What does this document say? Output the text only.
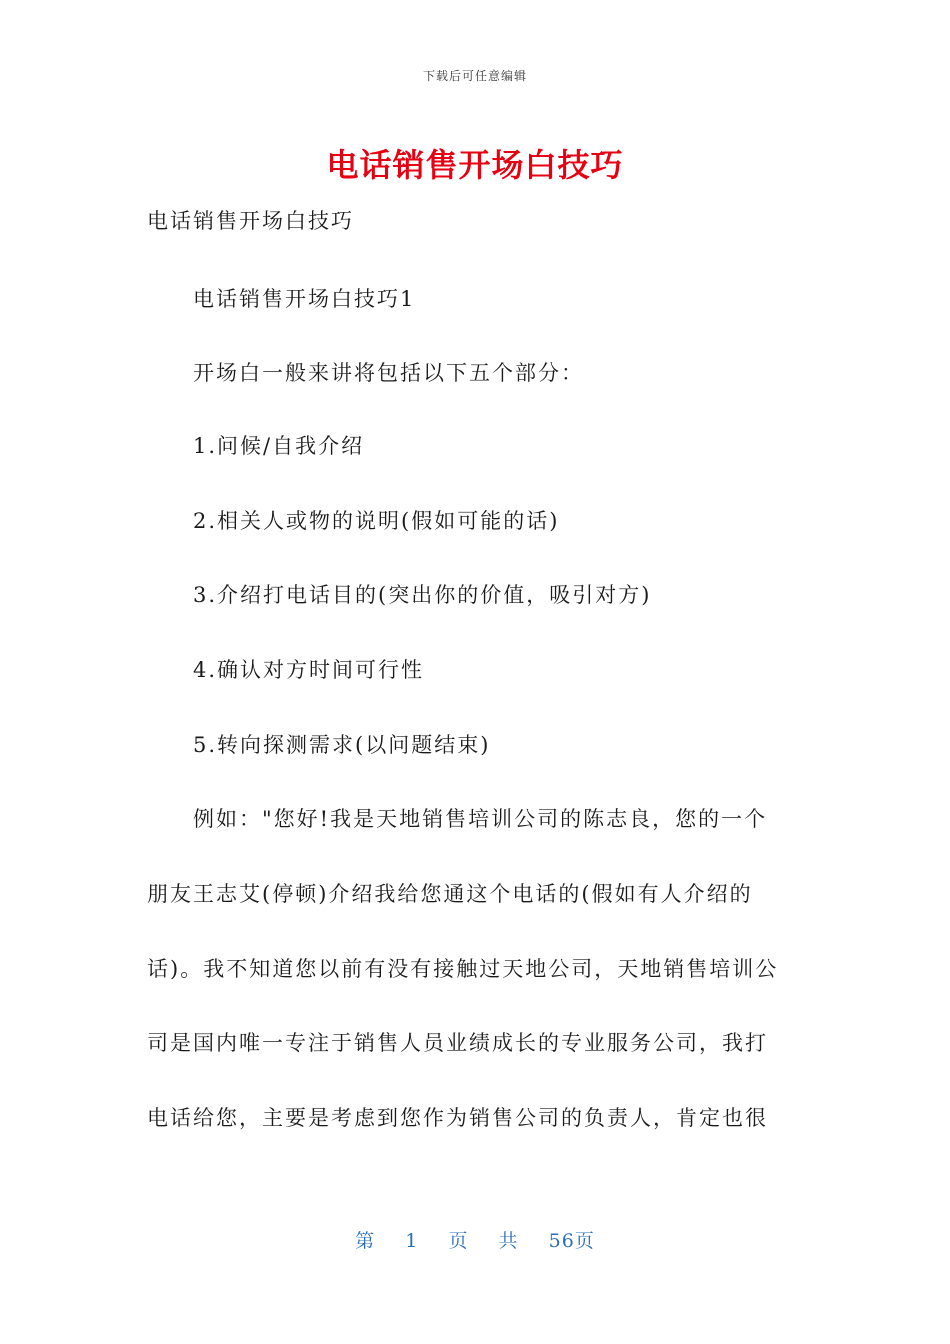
下载后可任意编辑
电话销售开场白技巧
电话销售开场白技巧
电话销售开场白技巧1
开场白一般来讲将包括以下五个部分：
1.问候/自我介绍
2.相关人或物的说明(假如可能的话)
3.介绍打电话目的(突出你的价值，吸引对方)
4.确认对方时间可行性
5.转向探测需求(以问题结束)
例如："您好!我是天地销售培训公司的陈志良，您的一个
朋友王志艾(停顿)介绍我给您通这个电话的(假如有人介绍的
话)。我不知道您以前有没有接触过天地公司，天地销售培训公
司是国内唯一专注于销售人员业绩成长的专业服务公司，我打
电话给您，主要是考虑到您作为销售公司的负责人，肯定也很
第 1 页 共 56页
